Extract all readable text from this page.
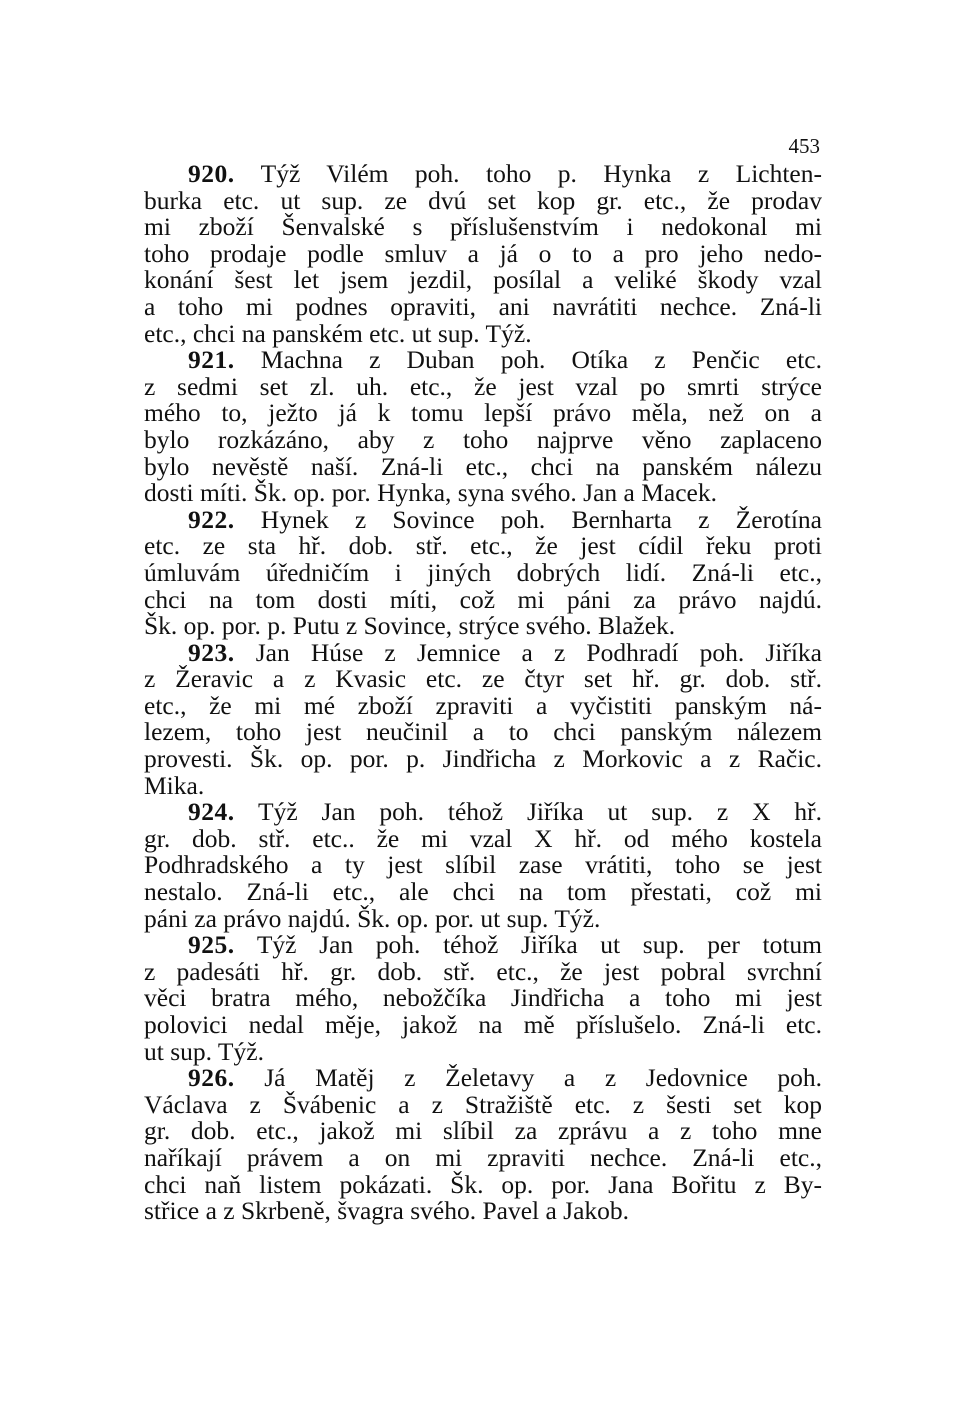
453

920. Týž Vilém poh. toho p. Hynka z Lichten-

burka etc. ut sup. ze dvú set kop gr. etc., že prodav

mi zboží Šenvalské s příslušenstvím i nedokonal mi

toho prodaje podle smluv a já o to a pro jeho nedo-

konání šest let jsem jezdil, posílal a veliké škody vzal

a toho mi podnes opraviti, ani navrátiti nechce. Zná-li

etc., chci na panském etc. ut sup. Týž.

921. Machna z Duban poh. Otíka z Penčic etc.

z sedmi set zl. uh. etc., že jest vzal po smrti strýce

mého to, ježto já k tomu lepší právo měla, než on a

bylo rozkázáno, aby z toho najprve věno zaplaceno

bylo nevěstě naší. Zná-li etc., chci na panském nálezu

dosti míti. Šk. op. por. Hynka, syna svého. Jan a Macek.

922. Hynek z Sovince poh. Bernharta z Žerotína

etc. ze sta hř. dob. stř. etc., že jest cídil řeku proti

úmluvám úředničím i jiných dobrých lidí. Zná-li etc.,

chci na tom dosti míti, což mi páni za právo najdú.

Šk. op. por. p. Putu z Sovince, strýce svého. Blažek.

923. Jan Húse z Jemnice a z Podhradí poh. Jiříka

z Žeravic a z Kvasic etc. ze čtyr set hř. gr. dob. stř.

etc., že mi mé zboží zpraviti a vyčistiti panským ná-

lezem, toho jest neučinil a to chci panským nálezem

provesti. Šk. op. por. p. Jindřicha z Morkovic a z Račic.

Mika.

924. Týž Jan poh. téhož Jiříka ut sup. z X hř.

gr. dob. stř. etc.. že mi vzal X hř. od mého kostela

Podhradského a ty jest slíbil zase vrátiti, toho se jest

nestalo. Zná-li etc., ale chci na tom přestati, což mi

páni za právo najdú. Šk. op. por. ut sup. Týž.

925. Týž Jan poh. téhož Jiříka ut sup. per totum

z padesáti hř. gr. dob. stř. etc., že jest pobral svrchní

věci bratra mého, nebožčíka Jindřicha a toho mi jest

polovici nedal měje, jakož na mě příslušelo. Zná-li etc.

ut sup. Týž.

926. Já Matěj z Želetavy a z Jedovnice poh.

Václava z Švábenic a z Stražiště etc. z šesti set kop

gr. dob. etc., jakož mi slíbil za zprávu a z toho mne

naříkají právem a on mi zpraviti nechce. Zná-li etc.,

chci naň listem pokázati. Šk. op. por. Jana Bořitu z By-

střice a z Skrbeně, švagra svého. Pavel a Jakob.
